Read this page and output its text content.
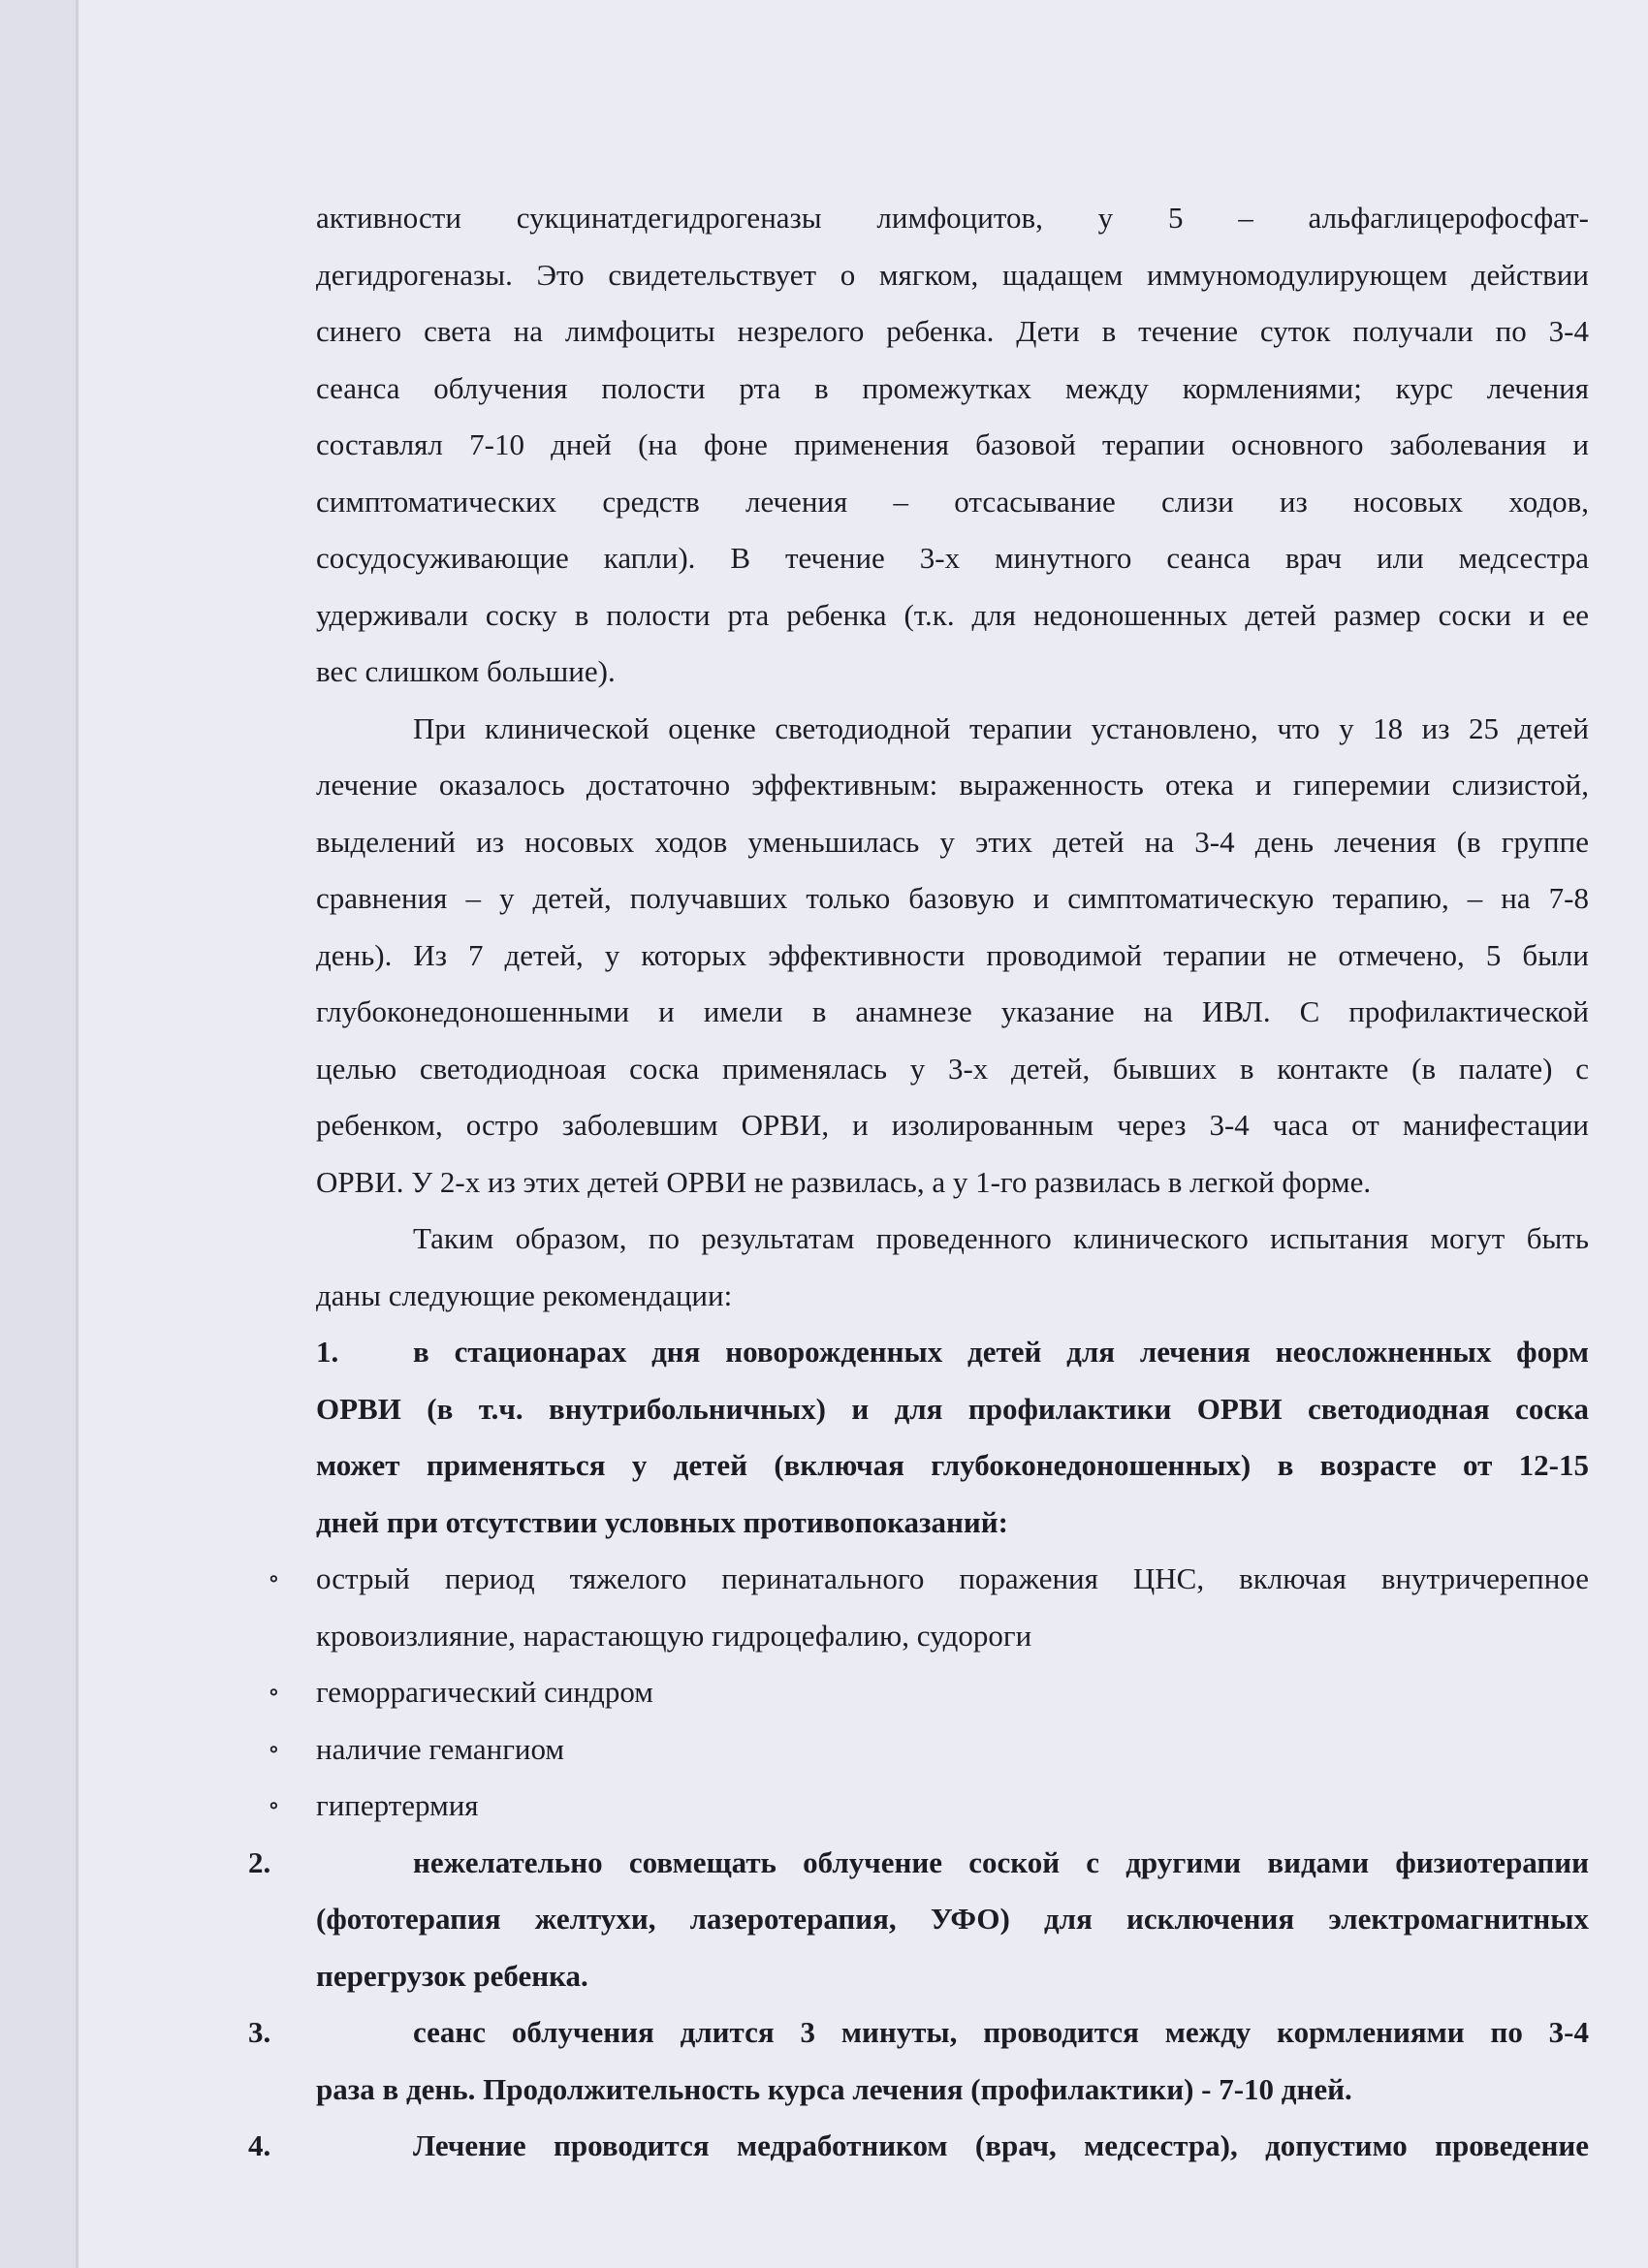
активности сукцинатдегидрогеназы лимфоцитов, у 5 – альфаглицерофосфат-
дегидрогеназы. Это свидетельствует о мягком, щадащем иммуномодулирующем действии
синего света на лимфоциты незрелого ребенка. Дети в течение суток получали по 3-4
сеанса облучения полости рта в промежутках между кормлениями; курс лечения
составлял 7-10 дней (на фоне применения базовой терапии основного заболевания и
симптоматических средств лечения – отсасывание слизи из носовых ходов,
сосудосуживающие капли). В течение 3-х минутного сеанса врач или медсестра
удерживали соску в полости рта ребенка (т.к. для недоношенных детей размер соски и ее
вес слишком большие).
При клинической оценке светодиодной терапии установлено, что у 18 из 25 детей
лечение оказалось достаточно эффективным: выраженность отека и гиперемии слизистой,
выделений из носовых ходов уменьшилась у этих детей на 3-4 день лечения (в группе
сравнения – у детей, получавших только базовую и симптоматическую терапию, – на 7-8
день). Из 7 детей, у которых эффективности проводимой терапии не отмечено, 5 были
глубоконедоношенными и имели в анамнезе указание на ИВЛ. С профилактической
целью светодиодноая соска применялась у 3-х детей, бывших в контакте (в палате) с
ребенком, остро заболевшим ОРВИ, и изолированным через 3-4 часа от манифестации
ОРВИ. У 2-х из этих детей ОРВИ не развилась, а у 1-го развилась в легкой форме.
Таким образом, по результатам проведенного клинического испытания могут быть
даны следующие рекомендации:
1.	в стационарах дня новорожденных детей для лечения неосложненных форм
ОРВИ (в т.ч. внутрибольничных) и для профилактики ОРВИ светодиодная соска
может применяться у детей (включая глубоконедоношенных) в возрасте от 12-15
дней при отсутствии условных противопоказаний:
∘ острый период тяжелого перинатального поражения ЦНС, включая внутричерепное
кровоизлияние, нарастающую гидроцефалию, судороги
∘ геморрагический синдром
∘ наличие гемангиом
∘ гипертермия
2.	нежелательно совмещать облучение соской с другими видами физиотерапии
(фототерапия желтухи, лазеротерапия, УФО) для исключения электромагнитных
перегрузок ребенка.
3.	сеанс облучения длится 3 минуты, проводится между кормлениями по 3-4
раза в день. Продолжительность курса лечения (профилактики) - 7-10 дней.
4.	Лечение проводится медработником (врач, медсестра), допустимо проведение
